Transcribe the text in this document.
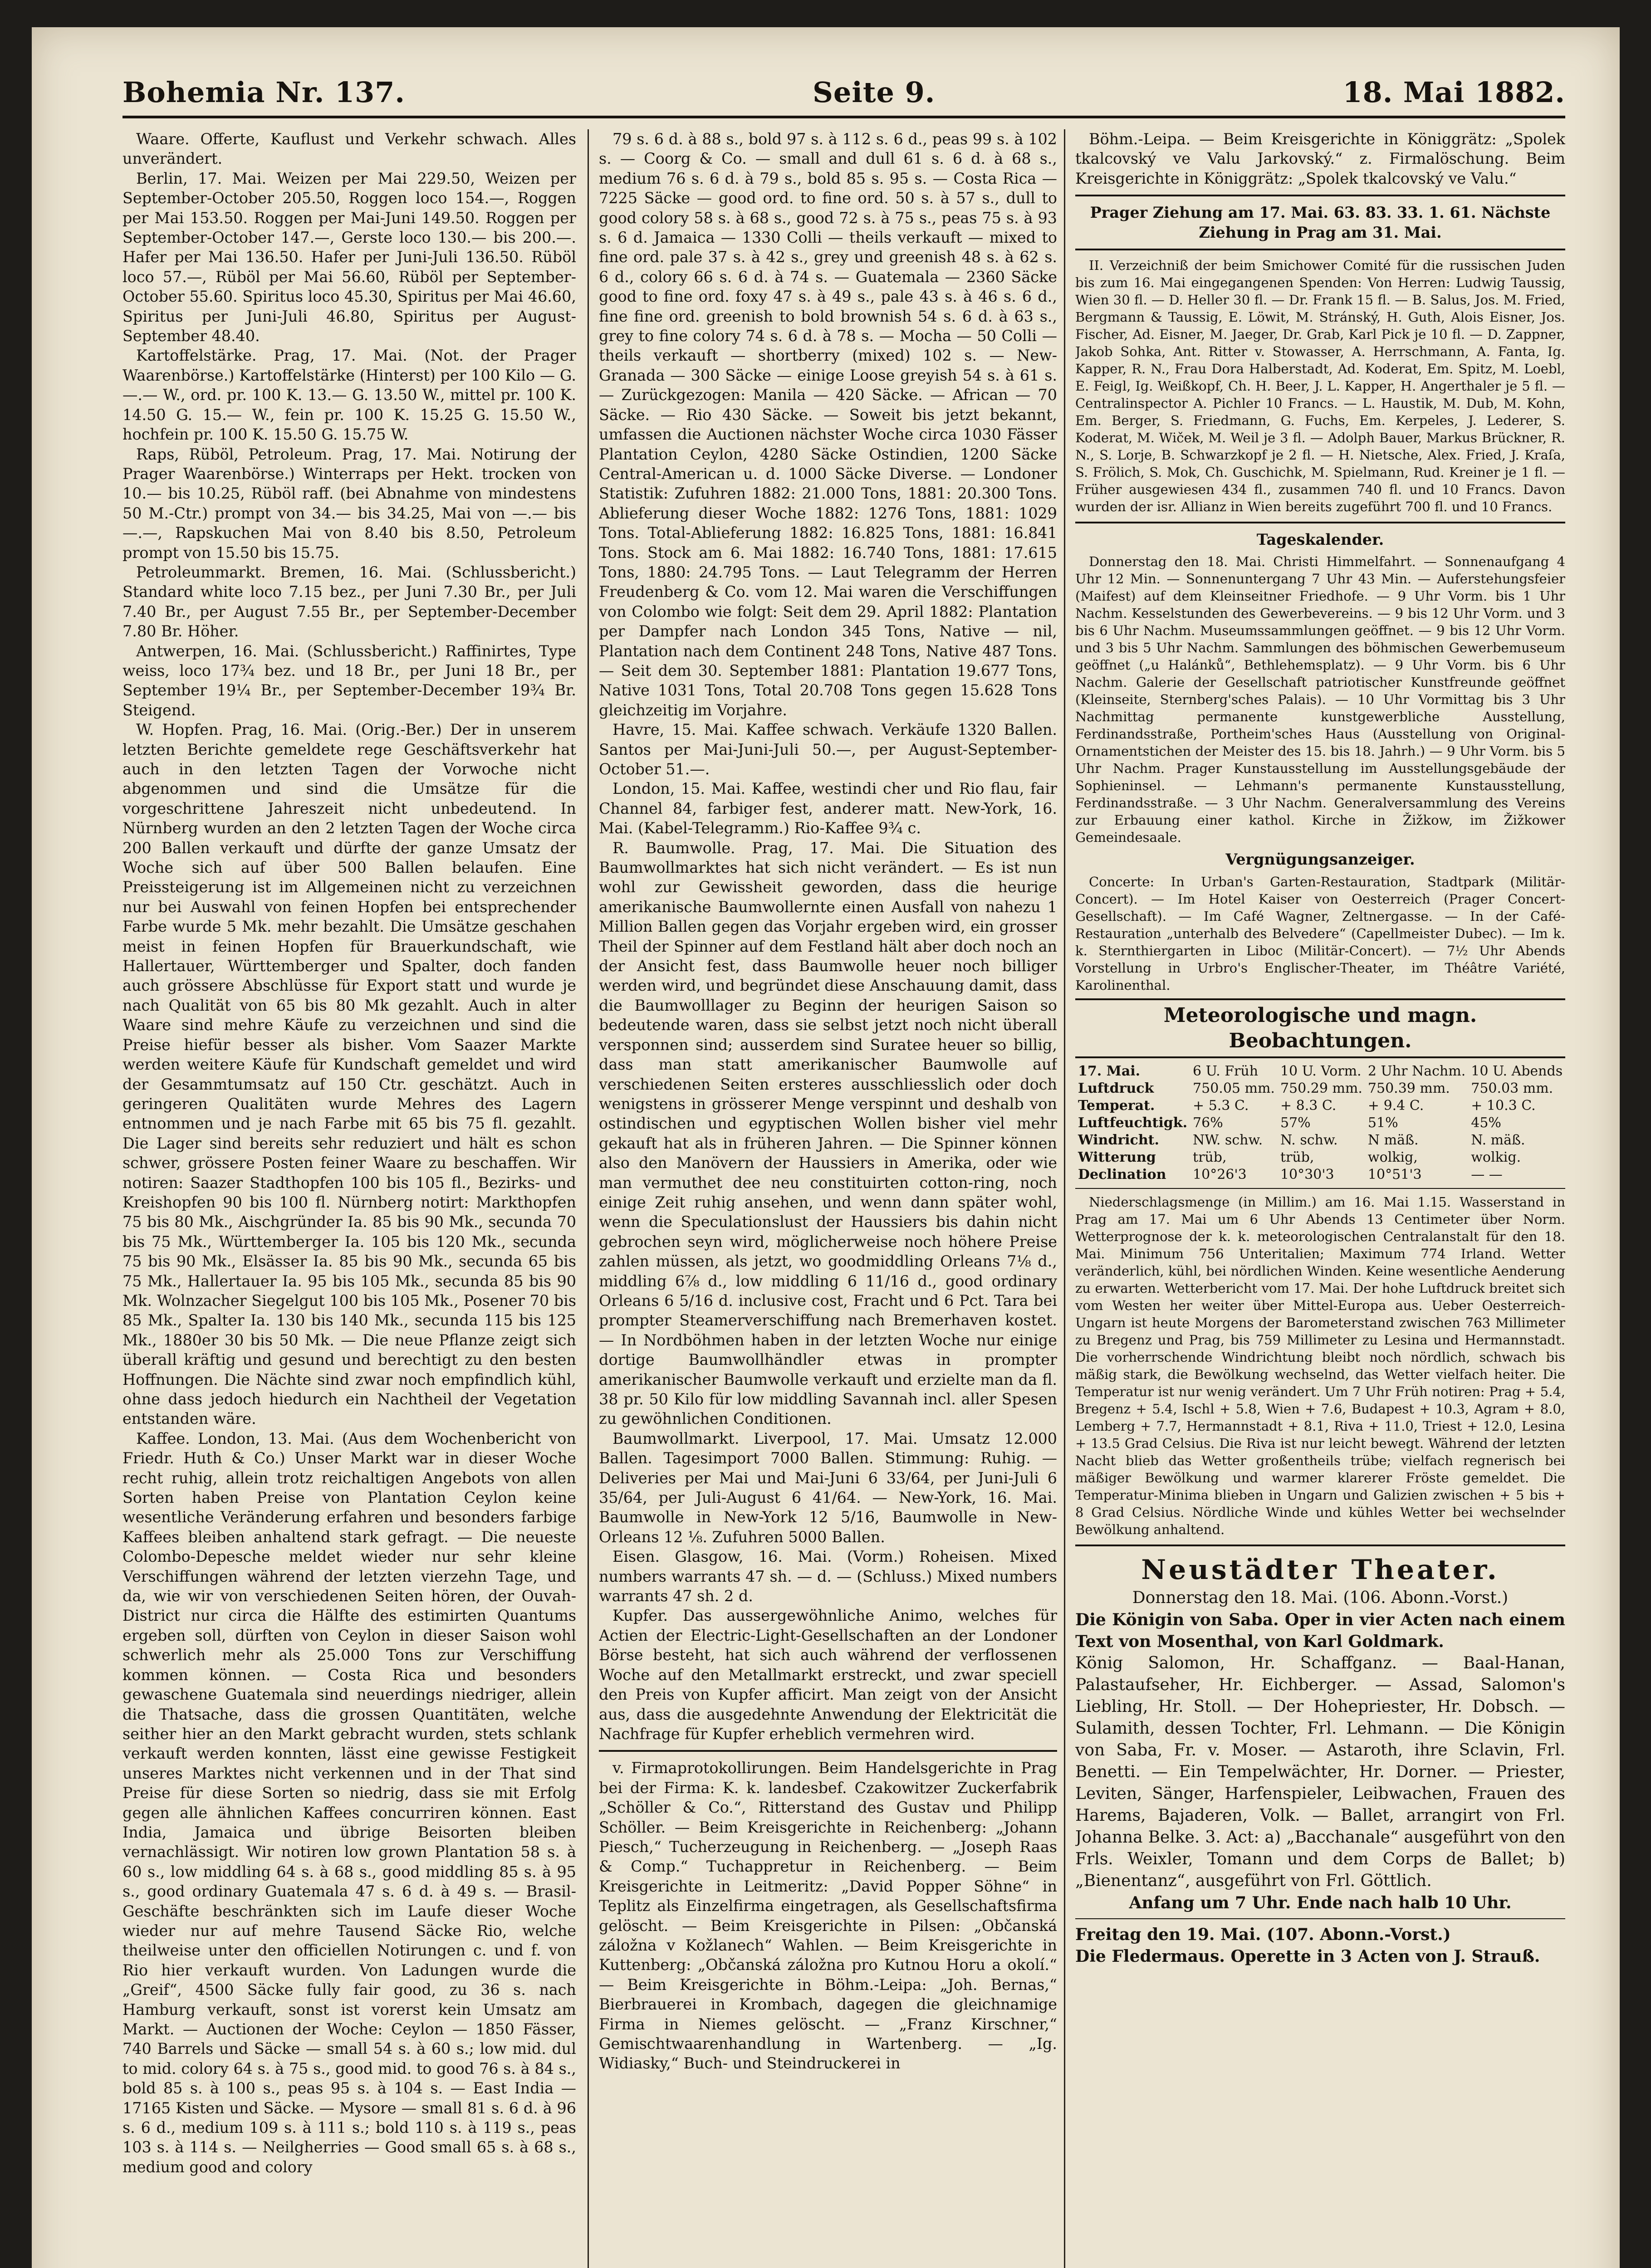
Bohemia Nr. 137.	Seite 9.	18. Mai 1882.

Waare. Offerte, Kauflust und Verkehr schwach. Alles unverändert.

Berlin, 17. Mai. Weizen per Mai 229.50, Weizen per September-October 205.50, Roggen loco 154.—, Roggen per Mai 153.50. Roggen per Mai-Juni 149.50. Roggen per September-October 147.—, Gerste loco 130.— bis 200.—. Hafer per Mai 136.50. Hafer per Juni-Juli 136.50. Rüböl loco 57.—, Rüböl per Mai 56.60, Rüböl per September-October 55.60. Spiritus loco 45.30, Spiritus per Mai 46.60, Spiritus per Juni-Juli 46.80, Spiritus per August-September 48.40.

Kartoffelstärke. Prag, 17. Mai. (Not. der Prager Waarenbörse.) Kartoffelstärke (Hinterst) per 100 Kilo — G. —.— W., ord. pr. 100 K. 13.— G. 13.50 W., mittel pr. 100 K. 14.50 G. 15.— W., fein pr. 100 K. 15.25 G. 15.50 W., hochfein pr. 100 K. 15.50 G. 15.75 W.

Raps, Rüböl, Petroleum. Prag, 17. Mai. Notirung der Prager Waarenbörse.) Winterraps per Hekt. trocken von 10.— bis 10.25, Rüböl raff. (bei Abnahme von mindestens 50 M.-Ctr.) prompt von 34.— bis 34.25, Mai von —.— bis —.—, Rapskuchen Mai von 8.40 bis 8.50, Petroleum prompt von 15.50 bis 15.75.

Petroleummarkt. Bremen, 16. Mai. (Schlussbericht.) Standard white loco 7.15 bez., per Juni 7.30 Br., per Juli 7.40 Br., per August 7.55 Br., per September-December 7.80 Br. Höher.

Antwerpen, 16. Mai. (Schlussbericht.) Raffinirtes, Type weiss, loco 17¾ bez. und 18 Br., per Juni 18 Br., per September 19¼ Br., per September-December 19¾ Br. Steigend.

W. Hopfen. Prag, 16. Mai. (Orig.-Ber.) Der in unserem letzten Berichte gemeldete rege Geschäftsverkehr hat auch in den letzten Tagen der Vorwoche nicht abgenommen und sind die Umsätze für die vorgeschrittene Jahreszeit nicht unbedeutend. In Nürnberg wurden an den 2 letzten Tagen der Woche circa 200 Ballen verkauft und dürfte der ganze Umsatz der Woche sich auf über 500 Ballen belaufen. Eine Preissteigerung ist im Allgemeinen nicht zu verzeichnen nur bei Auswahl von feinen Hopfen bei entsprechender Farbe wurde 5 Mk. mehr bezahlt. Die Umsätze geschahen meist in feinen Hopfen für Brauerkundschaft, wie Hallertauer, Württemberger und Spalter, doch fanden auch grössere Abschlüsse für Export statt und wurde je nach Qualität von 65 bis 80 Mk gezahlt. Auch in alter Waare sind mehre Käufe zu verzeichnen und sind die Preise hiefür besser als bisher. Vom Saazer Markte werden weitere Käufe für Kundschaft gemeldet und wird der Gesammtumsatz auf 150 Ctr. geschätzt. Auch in geringeren Qualitäten wurde Mehres des Lagern entnommen und je nach Farbe mit 65 bis 75 fl. gezahlt. Die Lager sind bereits sehr reduziert und hält es schon schwer, grössere Posten feiner Waare zu beschaffen. Wir notiren: Saazer Stadthopfen 100 bis 105 fl., Bezirks- und Kreishopfen 90 bis 100 fl. Nürnberg notirt: Markthopfen 75 bis 80 Mk., Aischgründer Ia. 85 bis 90 Mk., secunda 70 bis 75 Mk., Württemberger Ia. 105 bis 120 Mk., secunda 75 bis 90 Mk., Elsässer Ia. 85 bis 90 Mk., secunda 65 bis 75 Mk., Hallertauer Ia. 95 bis 105 Mk., secunda 85 bis 90 Mk. Wolnzacher Siegelgut 100 bis 105 Mk., Posener 70 bis 85 Mk., Spalter Ia. 130 bis 140 Mk., secunda 115 bis 125 Mk., 1880er 30 bis 50 Mk. — Die neue Pflanze zeigt sich überall kräftig und gesund und berechtigt zu den besten Hoffnungen. Die Nächte sind zwar noch empfindlich kühl, ohne dass jedoch hiedurch ein Nachtheil der Vegetation entstanden wäre.

Kaffee. London, 13. Mai. (Aus dem Wochenbericht von Friedr. Huth & Co.) Unser Markt war in dieser Woche recht ruhig, allein trotz reichaltigen Angebots von allen Sorten haben Preise von Plantation Ceylon keine wesentliche Veränderung erfahren und besonders farbige Kaffees bleiben anhaltend stark gefragt. — Die neueste Colombo-Depesche meldet wieder nur sehr kleine Verschiffungen während der letzten vierzehn Tage, und da, wie wir von verschiedenen Seiten hören, der Ouvah-District nur circa die Hälfte des estimirten Quantums ergeben soll, dürften von Ceylon in dieser Saison wohl schwerlich mehr als 25.000 Tons zur Verschiffung kommen können. — Costa Rica und besonders gewaschene Guatemala sind neuerdings niedriger, allein die Thatsache, dass die grossen Quantitäten, welche seither hier an den Markt gebracht wurden, stets schlank verkauft werden konnten, lässt eine gewisse Festigkeit unseres Marktes nicht verkennen und in der That sind Preise für diese Sorten so niedrig, dass sie mit Erfolg gegen alle ähnlichen Kaffees concurriren können. East India, Jamaica und übrige Beisorten bleiben vernachlässigt. Wir notiren low grown Plantation 58 s. à 60 s., low middling 64 s. à 68 s., good middling 85 s. à 95 s., good ordinary Guatemala 47 s. 6 d. à 49 s. — Brasil-Geschäfte beschränkten sich im Laufe dieser Woche wieder nur auf mehre Tausend Säcke Rio, welche theilweise unter den officiellen Notirungen c. und f. von Rio hier verkauft wurden. Von Ladungen wurde die „Greif“, 4500 Säcke fully fair good, zu 36 s. nach Hamburg verkauft, sonst ist vorerst kein Umsatz am Markt. — Auctionen der Woche: Ceylon — 1850 Fässer, 740 Barrels und Säcke — small 54 s. à 60 s.; low mid. dul to mid. colory 64 s. à 75 s., good mid. to good 76 s. à 84 s., bold 85 s. à 100 s., peas 95 s. à 104 s. — East India — 17165 Kisten und Säcke. — Mysore — small 81 s. 6 d. à 96 s. 6 d., medium 109 s. à 111 s.; bold 110 s. à 119 s., peas 103 s. à 114 s. — Neilgherries — Good small 65 s. à 68 s., medium good and colory

79 s. 6 d. à 88 s., bold 97 s. à 112 s. 6 d., peas 99 s. à 102 s. — Coorg & Co. — small and dull 61 s. 6 d. à 68 s., medium 76 s. 6 d. à 79 s., bold 85 s. 95 s. — Costa Rica — 7225 Säcke — good ord. to fine ord. 50 s. à 57 s., dull to good colory 58 s. à 68 s., good 72 s. à 75 s., peas 75 s. à 93 s. 6 d. Jamaica — 1330 Colli — theils verkauft — mixed to fine ord. pale 37 s. à 42 s., grey und greenish 48 s. à 62 s. 6 d., colory 66 s. 6 d. à 74 s. — Guatemala — 2360 Säcke good to fine ord. foxy 47 s. à 49 s., pale 43 s. à 46 s. 6 d., fine fine ord. greenish to bold brownish 54 s. 6 d. à 63 s., grey to fine colory 74 s. 6 d. à 78 s. — Mocha — 50 Colli — theils verkauft — shortberry (mixed) 102 s. — New-Granada — 300 Säcke — einige Loose greyish 54 s. à 61 s. — Zurückgezogen: Manila — 420 Säcke. — African — 70 Säcke. — Rio 430 Säcke. — Soweit bis jetzt bekannt, umfassen die Auctionen nächster Woche circa 1030 Fässer Plantation Ceylon, 4280 Säcke Ostindien, 1200 Säcke Central-American u. d. 1000 Säcke Diverse. — Londoner Statistik: Zufuhren 1882: 21.000 Tons, 1881: 20.300 Tons. Ablieferung dieser Woche 1882: 1276 Tons, 1881: 1029 Tons. Total-Ablieferung 1882: 16.825 Tons, 1881: 16.841 Tons. Stock am 6. Mai 1882: 16.740 Tons, 1881: 17.615 Tons, 1880: 24.795 Tons. — Laut Telegramm der Herren Freudenberg & Co. vom 12. Mai waren die Verschiffungen von Colombo wie folgt: Seit dem 29. April 1882: Plantation per Dampfer nach London 345 Tons, Native — nil, Plantation nach dem Continent 248 Tons, Native 487 Tons. — Seit dem 30. September 1881: Plantation 19.677 Tons, Native 1031 Tons, Total 20.708 Tons gegen 15.628 Tons gleichzeitig im Vorjahre.

Havre, 15. Mai. Kaffee schwach. Verkäufe 1320 Ballen. Santos per Mai-Juni-Juli 50.—, per August-September-October 51.—.

London, 15. Mai. Kaffee, westindi cher und Rio flau, fair Channel 84, farbiger fest, anderer matt. New-York, 16. Mai. (Kabel-Telegramm.) Rio-Kaffee 9¾ c.

R. Baumwolle. Prag, 17. Mai. Die Situation des Baumwollmarktes hat sich nicht verändert. — Es ist nun wohl zur Gewissheit geworden, dass die heurige amerikanische Baumwollernte einen Ausfall von nahezu 1 Million Ballen gegen das Vorjahr ergeben wird, ein grosser Theil der Spinner auf dem Festland hält aber doch noch an der Ansicht fest, dass Baumwolle heuer noch billiger werden wird, und begründet diese Anschauung damit, dass die Baumwolllager zu Beginn der heurigen Saison so bedeutende waren, dass sie selbst jetzt noch nicht überall versponnen sind; ausserdem sind Suratee heuer so billig, dass man statt amerikanischer Baumwolle auf verschiedenen Seiten ersteres ausschliesslich oder doch wenigstens in grösserer Menge verspinnt und deshalb von ostindischen und egyptischen Wollen bisher viel mehr gekauft hat als in früheren Jahren. — Die Spinner können also den Manövern der Haussiers in Amerika, oder wie man vermuthet dee neu constituirten cotton-ring, noch einige Zeit ruhig ansehen, und wenn dann später wohl, wenn die Speculationslust der Haussiers bis dahin nicht gebrochen seyn wird, möglicherweise noch höhere Preise zahlen müssen, als jetzt, wo goodmiddling Orleans 7⅛ d., middling 6⅞ d., low middling 6 11/16 d., good ordinary Orleans 6 5/16 d. inclusive cost, Fracht und 6 Pct. Tara bei prompter Steamerverschiffung nach Bremerhaven kostet. — In Nordböhmen haben in der letzten Woche nur einige dortige Baumwollhändler etwas in prompter amerikanischer Baumwolle verkauft und erzielte man da fl. 38 pr. 50 Kilo für low middling Savannah incl. aller Spesen zu gewöhnlichen Conditionen.

Baumwollmarkt. Liverpool, 17. Mai. Umsatz 12.000 Ballen. Tagesimport 7000 Ballen. Stimmung: Ruhig. — Deliveries per Mai und Mai-Juni 6 33/64, per Juni-Juli 6 35/64, per Juli-August 6 41/64. — New-York, 16. Mai. Baumwolle in New-York 12 5/16, Baumwolle in New-Orleans 12 ⅛. Zufuhren 5000 Ballen.

Eisen. Glasgow, 16. Mai. (Vorm.) Roheisen. Mixed numbers warrants 47 sh. — d. — (Schluss.) Mixed numbers warrants 47 sh. 2 d.

Kupfer. Das aussergewöhnliche Animo, welches für Actien der Electric-Light-Gesellschaften an der Londoner Börse besteht, hat sich auch während der verflossenen Woche auf den Metallmarkt erstreckt, und zwar speciell den Preis von Kupfer afficirt. Man zeigt von der Ansicht aus, dass die ausgedehnte Anwendung der Elektricität die Nachfrage für Kupfer erheblich vermehren wird.

v. Firmaprotokollirungen. Beim Handelsgerichte in Prag bei der Firma: K. k. landesbef. Czakowitzer Zuckerfabrik „Schöller & Co.“, Ritterstand des Gustav und Philipp Schöller. — Beim Kreisgerichte in Reichenberg: „Johann Piesch,“ Tucherzeugung in Reichenberg. — „Joseph Raas & Comp.“ Tuchappretur in Reichenberg. — Beim Kreisgerichte in Leitmeritz: „David Popper Söhne“ in Teplitz als Einzelfirma eingetragen, als Gesellschaftsfirma gelöscht. — Beim Kreisgerichte in Pilsen: „Občanská záložna v Kožlanech“ Wahlen. — Beim Kreisgerichte in Kuttenberg: „Občanská záložna pro Kutnou Horu a okolí.“ — Beim Kreisgerichte in Böhm.-Leipa: „Joh. Bernas,“ Bierbrauerei in Krombach, dagegen die gleichnamige Firma in Niemes gelöscht. — „Franz Kirschner,“ Gemischtwaarenhandlung in Wartenberg. — „Ig. Widiasky,“ Buch- und Steindruckerei in

Böhm.-Leipa. — Beim Kreisgerichte in Königgrätz: „Spolek tkalcovský ve Valu Jarkovský.“ z. Firmalöschung. Beim Kreisgerichte in Königgrätz: „Spolek tkalcovský ve Valu.“

Prager Ziehung am 17. Mai. 63. 83. 33. 1. 61. Nächste Ziehung in Prag am 31. Mai.

II. Verzeichniß der beim Smichower Comité für die russischen Juden bis zum 16. Mai eingegangenen Spenden: Von Herren: Ludwig Taussig, Wien 30 fl. — D. Heller 30 fl. — Dr. Frank 15 fl. — B. Salus, Jos. M. Fried, Bergmann & Taussig, E. Löwit, M. Stránský, H. Guth, Alois Eisner, Jos. Fischer, Ad. Eisner, M. Jaeger, Dr. Grab, Karl Pick je 10 fl. — D. Zappner, Jakob Sohka, Ant. Ritter v. Stowasser, A. Herrschmann, A. Fanta, Ig. Kapper, R. N., Frau Dora Halberstadt, Ad. Koderat, Em. Spitz, M. Loebl, E. Feigl, Ig. Weißkopf, Ch. H. Beer, J. L. Kapper, H. Angerthaler je 5 fl. — Centralinspector A. Pichler 10 Francs. — L. Haustik, M. Dub, M. Kohn, Em. Berger, S. Friedmann, G. Fuchs, Em. Kerpeles, J. Lederer, S. Koderat, M. Wiček, M. Weil je 3 fl. — Adolph Bauer, Markus Brückner, R. N., S. Lorje, B. Schwarzkopf je 2 fl. — H. Nietsche, Alex. Fried, J. Kraſa, S. Frölich, S. Mok, Ch. Guschichk, M. Spielmann, Rud. Kreiner je 1 fl. — Früher ausgewiesen 434 fl., zusammen 740 fl. und 10 Francs. Davon wurden der isr. Allianz in Wien bereits zugeführt 700 fl. und 10 Francs.

Tageskalender.

Donnerstag den 18. Mai. Christi Himmelfahrt. — Sonnenaufgang 4 Uhr 12 Min. — Sonnenuntergang 7 Uhr 43 Min. — Auferstehungsfeier (Maifest) auf dem Kleinseitner Friedhofe. — 9 Uhr Vorm. bis 1 Uhr Nachm. Kesselstunden des Gewerbevereins. — 9 bis 12 Uhr Vorm. und 3 bis 6 Uhr Nachm. Museumssammlungen geöffnet. — 9 bis 12 Uhr Vorm. und 3 bis 5 Uhr Nachm. Sammlungen des böhmischen Gewerbemuseum geöffnet („u Halánků“, Bethlehemsplatz). — 9 Uhr Vorm. bis 6 Uhr Nachm. Galerie der Gesellschaft patriotischer Kunstfreunde geöffnet (Kleinseite, Sternberg'sches Palais). — 10 Uhr Vormittag bis 3 Uhr Nachmittag permanente kunstgewerbliche Ausstellung, Ferdinandsstraße, Portheim'sches Haus (Ausstellung von Original-Ornamentstichen der Meister des 15. bis 18. Jahrh.) — 9 Uhr Vorm. bis 5 Uhr Nachm. Prager Kunstausstellung im Ausstellungsgebäude der Sophieninsel. — Lehmann's permanente Kunstausstellung, Ferdinandsstraße. — 3 Uhr Nachm. Generalversammlung des Vereins zur Erbauung einer kathol. Kirche in Žižkow, im Žižkower Gemeindesaale.

Vergnügungsanzeiger.

Concerte: In Urban's Garten-Restauration, Stadtpark (Militär-Concert). — Im Hotel Kaiser von Oesterreich (Prager Concert-Gesellschaft). — Im Café Wagner, Zeltnergasse. — In der Café-Restauration „unterhalb des Belvedere“ (Capellmeister Dubec). — Im k. k. Sternthiergarten in Liboc (Militär-Concert). — 7½ Uhr Abends Vorstellung in Urbro's Englischer-Theater, im Théâtre Variété, Karolinenthal.

Meteorologische und magn. Beobachtungen.
17. Mai.	6 U. Früh	10 U. Vorm.	2 Uhr Nachm.	10 U. Abends
Luftdruck	750.05 mm.	750.29 mm.	750.39 mm.	750.03 mm.
Temperat.	+ 5.3 C.	+ 8.3 C.	+ 9.4 C.	+ 10.3 C.
Luftfeuchtigk.	76%	57%	51%	45%
Windricht.	NW. schw.	N. schw.	N mäß.	N. mäß.
Witterung	trüb,	trüb,	wolkig,	wolkig.
Declination	10°26'3	10°30'3	10°51'3	— —

Niederschlagsmenge (in Millim.) am 16. Mai 1.15. Wasserstand in Prag am 17. Mai um 6 Uhr Abends 13 Centimeter über Norm. Wetterprognose der k. k. meteorologischen Centralanstalt für den 18. Mai. Minimum 756 Unteritalien; Maximum 774 Irland. Wetter veränderlich, kühl, bei nördlichen Winden. Keine wesentliche Aenderung zu erwarten. Wetterbericht vom 17. Mai. Der hohe Luftdruck breitet sich vom Westen her weiter über Mittel-Europa aus. Ueber Oesterreich-Ungarn ist heute Morgens der Barometerstand zwischen 763 Millimeter zu Bregenz und Prag, bis 759 Millimeter zu Lesina und Hermannstadt. Die vorherrschende Windrichtung bleibt noch nördlich, schwach bis mäßig stark, die Bewölkung wechselnd, das Wetter vielfach heiter. Die Temperatur ist nur wenig verändert. Um 7 Uhr Früh notiren: Prag + 5.4, Bregenz + 5.4, Ischl + 5.8, Wien + 7.6, Budapest + 10.3, Agram + 8.0, Lemberg + 7.7, Hermannstadt + 8.1, Riva + 11.0, Triest + 12.0, Lesina + 13.5 Grad Celsius. Die Riva ist nur leicht bewegt. Während der letzten Nacht blieb das Wetter großentheils trübe; vielfach regnerisch bei mäßiger Bewölkung und warmer klarerer Fröste gemeldet. Die Temperatur-Minima blieben in Ungarn und Galizien zwischen + 5 bis + 8 Grad Celsius. Nördliche Winde und kühles Wetter bei wechselnder Bewölkung anhaltend.

Neustädter Theater.

Donnerstag den 18. Mai. (106. Abonn.-Vorst.)

Die Königin von Saba. Oper in vier Acten nach einem Text von Mosenthal, von Karl Goldmark.

König Salomon, Hr. Schaffganz. — Baal-Hanan, Palastaufseher, Hr. Eichberger. — Assad, Salomon's Liebling, Hr. Stoll. — Der Hohepriester, Hr. Dobsch. — Sulamith, dessen Tochter, Frl. Lehmann. — Die Königin von Saba, Fr. v. Moser. — Astaroth, ihre Sclavin, Frl. Benetti. — Ein Tempelwächter, Hr. Dorner. — Priester, Leviten, Sänger, Harfenspieler, Leibwachen, Frauen des Harems, Bajaderen, Volk. — Ballet, arrangirt von Frl. Johanna Belke. 3. Act: a) „Bacchanale“ ausgeführt von den Frls. Weixler, Tomann und dem Corps de Ballet; b) „Bienentanz“, ausgeführt von Frl. Göttlich.

Anfang um 7 Uhr. Ende nach halb 10 Uhr.

Freitag den 19. Mai. (107. Abonn.-Vorst.)

Die Fledermaus. Operette in 3 Acten von J. Strauß.
